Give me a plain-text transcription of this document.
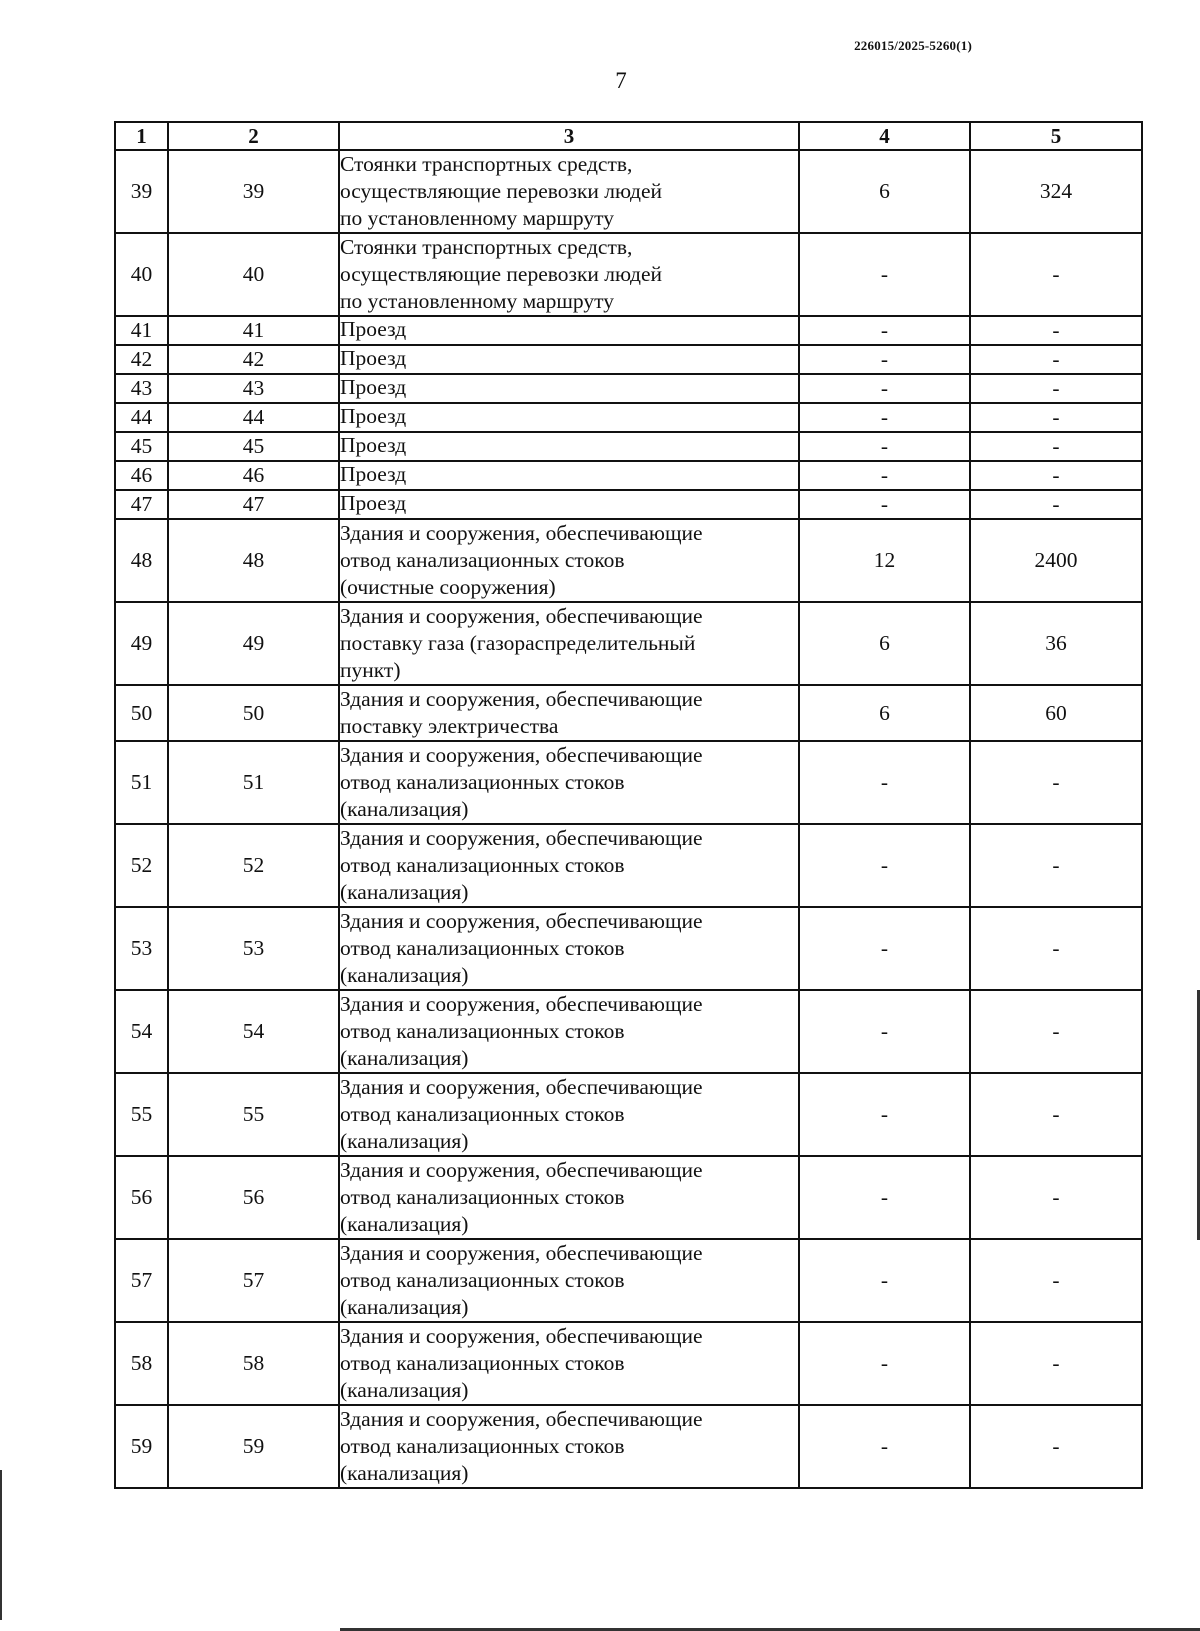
226015/2025-5260(1)
7
1	2	3	4	5
39	39	Стоянки транспортных средств,
осуществляющие перевозки людей
по установленному маршруту	6	324
40	40	Стоянки транспортных средств,
осуществляющие перевозки людей
по установленному маршруту	-	-
41	41	Проезд	-	-
42	42	Проезд	-	-
43	43	Проезд	-	-
44	44	Проезд	-	-
45	45	Проезд	-	-
46	46	Проезд	-	-
47	47	Проезд	-	-
48	48	Здания и сооружения, обеспечивающие
отвод канализационных стоков
(очистные сооружения)	12	2400
49	49	Здания и сооружения, обеспечивающие
поставку газа (газораспределительный
пункт)	6	36
50	50	Здания и сооружения, обеспечивающие
поставку электричества	6	60
51	51	Здания и сооружения, обеспечивающие
отвод канализационных стоков
(канализация)	-	-
52	52	Здания и сооружения, обеспечивающие
отвод канализационных стоков
(канализация)	-	-
53	53	Здания и сооружения, обеспечивающие
отвод канализационных стоков
(канализация)	-	-
54	54	Здания и сооружения, обеспечивающие
отвод канализационных стоков
(канализация)	-	-
55	55	Здания и сооружения, обеспечивающие
отвод канализационных стоков
(канализация)	-	-
56	56	Здания и сооружения, обеспечивающие
отвод канализационных стоков
(канализация)	-	-
57	57	Здания и сооружения, обеспечивающие
отвод канализационных стоков
(канализация)	-	-
58	58	Здания и сооружения, обеспечивающие
отвод канализационных стоков
(канализация)	-	-
59	59	Здания и сооружения, обеспечивающие
отвод канализационных стоков
(канализация)	-	-
